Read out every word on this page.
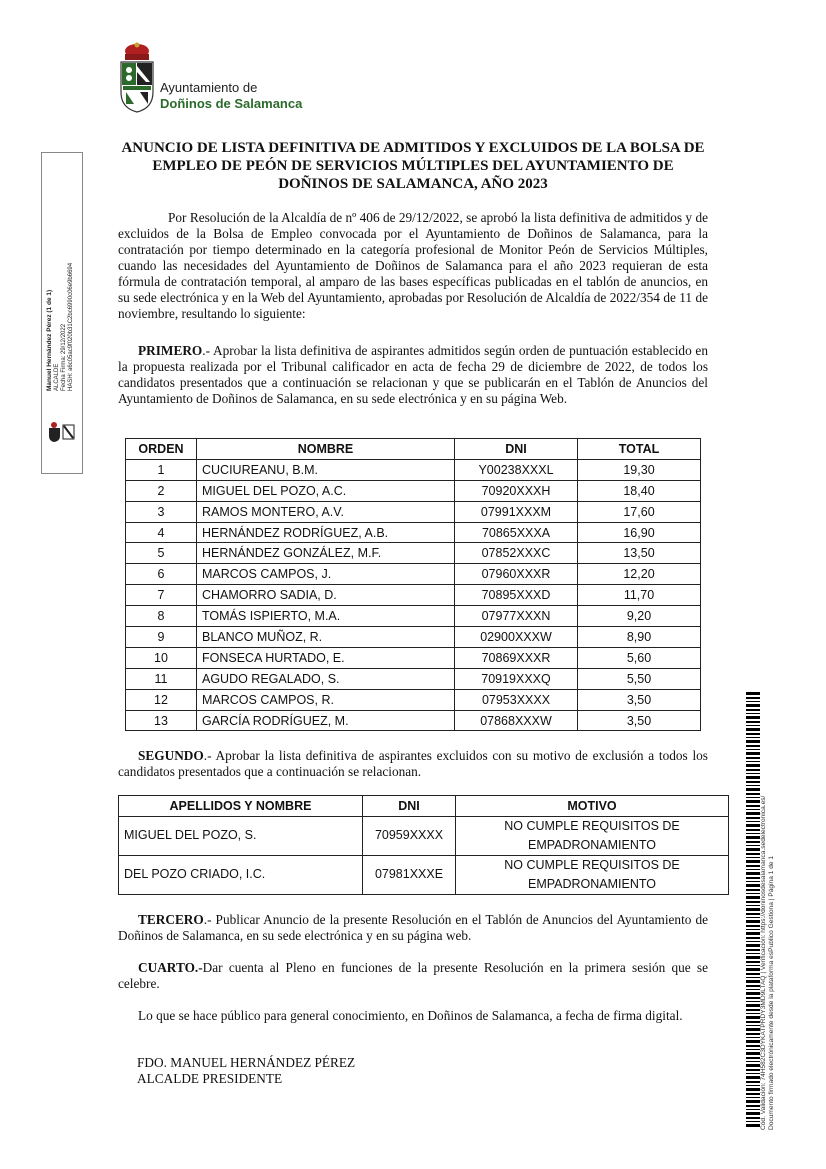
Ayuntamiento de
Doñinos de Salamanca
Manuel Hernández Pérez (1 de 1) ALCALDE Fecha Firma: 29/12/2022 HASH: a6c05ac9f020b31C2bc6990c06e9b6694
ANUNCIO DE LISTA DEFINITIVA DE ADMITIDOS Y EXCLUIDOS DE LA BOLSA DE EMPLEO DE PEÓN DE SERVICIOS MÚLTIPLES DEL AYUNTAMIENTO DE DOÑINOS DE SALAMANCA, AÑO 2023

Por Resolución de la Alcaldía de nº 406 de 29/12/2022, se aprobó la lista definitiva de admitidos y de excluidos de la Bolsa de Empleo convocada por el Ayuntamiento de Doñinos de Salamanca, para la contratación por tiempo determinado en la categoría profesional de Monitor Peón de Servicios Múltiples, cuando las necesidades del Ayuntamiento de Doñinos de Salamanca para el año 2023 requieran de esta fórmula de contratación temporal, al amparo de las bases específicas publicadas en el tablón de anuncios, en su sede electrónica y en la Web del Ayuntamiento, aprobadas por Resolución de Alcaldía de 2022/354 de 11 de noviembre, resultando lo siguiente:

PRIMERO.- Aprobar la lista definitiva de aspirantes admitidos según orden de puntuación establecido en la propuesta realizada por el Tribunal calificador en acta de fecha 29 de diciembre de 2022, de todos los candidatos presentados que a continuación se relacionan y que se publicarán en el Tablón de Anuncios del Ayuntamiento de Doñinos de Salamanca, en su sede electrónica y en su página Web.

ORDEN	NOMBRE	DNI	TOTAL
1	CUCIUREANU, B.M.	Y00238XXXL	19,30
2	MIGUEL DEL POZO, A.C.	70920XXXH	18,40
3	RAMOS MONTERO, A.V.	07991XXXM	17,60
4	HERNÁNDEZ RODRÍGUEZ, A.B.	70865XXXA	16,90
5	HERNÁNDEZ GONZÁLEZ, M.F.	07852XXXC	13,50
6	MARCOS CAMPOS, J.	07960XXXR	12,20
7	CHAMORRO SADIA, D.	70895XXXD	11,70
8	TOMÁS ISPIERTO, M.A.	07977XXXN	9,20
9	BLANCO MUÑOZ, R.	02900XXXW	8,90
10	FONSECA HURTADO, E.	70869XXXR	5,60
11	AGUDO REGALADO, S.	70919XXXQ	5,50
12	MARCOS CAMPOS, R.	07953XXXX	3,50
13	GARCÍA RODRÍGUEZ, M.	07868XXXW	3,50

SEGUNDO.- Aprobar la lista definitiva de aspirantes excluidos con su motivo de exclusión a todos los candidatos presentados que a continuación se relacionan.

APELLIDOS Y NOMBRE	DNI	MOTIVO
MIGUEL DEL POZO, S.	70959XXXX	NO CUMPLE REQUISITOS DE
EMPADRONAMIENTO

DEL POZO CRIADO, I.C.	07981XXXE	NO CUMPLE REQUISITOS DE
EMPADRONAMIENTO

TERCERO.- Publicar Anuncio de la presente Resolución en el Tablón de Anuncios del Ayuntamiento de Doñinos de Salamanca, en su sede electrónica y en su página web.

CUARTO.-Dar cuenta al Pleno en funciones de la presente Resolución en la primera sesión que se celebre.

Lo que se hace público para general conocimiento, en Doñinos de Salamanca, a fecha de firma digital.

FDO. MANUEL HERNÁNDEZ PÉREZ
ALCALDE PRESIDENTE	Cód. Validación: 74H582C3DYKATPRDY3MD9LTAQ | Verificación: https://doninosdesalamanca.sedelectronica.es/ Documento firmado electrónicamente desde la plataforma esPublico Gestiona | Página 1 de 1
